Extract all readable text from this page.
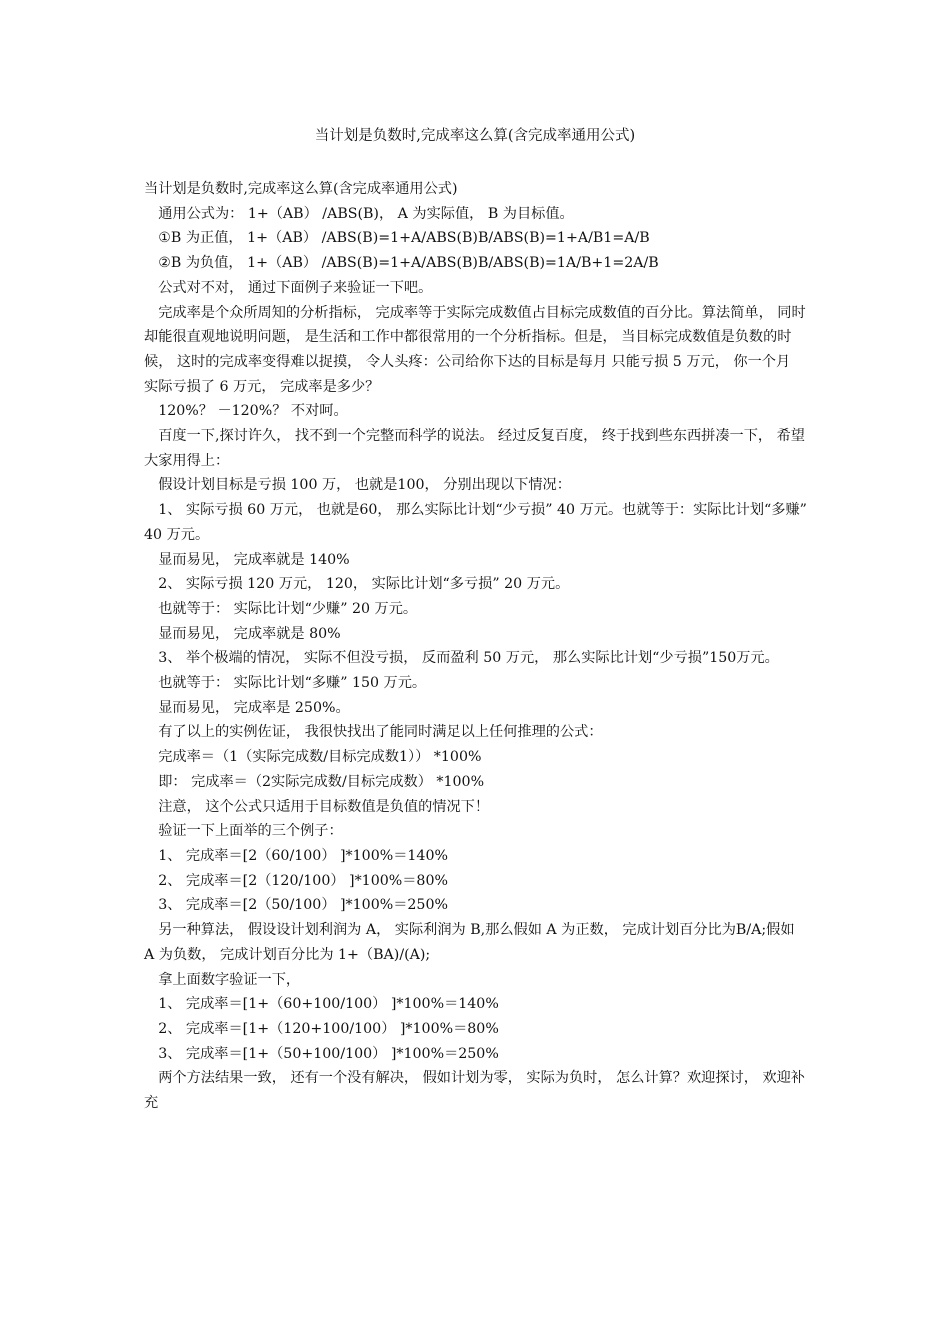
当计划是负数时,完成率这么算(含完成率通用公式)

当计划是负数时,完成率这么算(含完成率通用公式)

通用公式为： 1+（AB） /ABS(B)， A 为实际值， B 为目标值。

①B 为正值， 1+（AB） /ABS(B)=1+A/ABS(B)B/ABS(B)=1+A/B1=A/B

②B 为负值， 1+（AB） /ABS(B)=1+A/ABS(B)B/ABS(B)=1A/B+1=2A/B

公式对不对， 通过下面例子来验证一下吧。

完成率是个众所周知的分析指标， 完成率等于实际完成数值占目标完成数值的百分比。算法简单， 同时却能很直观地说明问题， 是生活和工作中都很常用的一个分析指标。但是， 当目标完成数值是负数的时候， 这时的完成率变得难以捉摸， 令人头疼：公司给你下达的目标是每月 只能亏损 5 万元， 你一个月 实际亏损了 6 万元， 完成率是多少？

120%？ －120%？ 不对呵。

百度一下,探讨许久， 找不到一个完整而科学的说法。 经过反复百度， 终于找到些东西拼凑一下， 希望大家用得上：

假设计划目标是亏损 100 万， 也就是100， 分别出现以下情况：

1、 实际亏损 60 万元， 也就是60， 那么实际比计划“少亏损” 40 万元。也就等于：实际比计划“多赚” 40 万元。

显而易见， 完成率就是 140%

2、 实际亏损 120 万元， 120， 实际比计划“多亏损” 20 万元。

也就等于： 实际比计划“少赚” 20 万元。

显而易见， 完成率就是 80%

3、 举个极端的情况， 实际不但没亏损， 反而盈利 50 万元， 那么实际比计划“少亏损”150万元。

也就等于： 实际比计划“多赚” 150 万元。

显而易见， 完成率是 250%。

有了以上的实例佐证， 我很快找出了能同时满足以上任何推理的公式：

完成率＝（1（实际完成数/目标完成数1）） *100%

即： 完成率＝（2实际完成数/目标完成数） *100%

注意， 这个公式只适用于目标数值是负值的情况下！

验证一下上面举的三个例子：

1、 完成率＝[2（60/100） ]*100%＝140%

2、 完成率＝[2（120/100） ]*100%＝80%

3、 完成率＝[2（50/100） ]*100%＝250%

另一种算法， 假设设计划利润为 A， 实际利润为 B,那么假如 A 为正数， 完成计划百分比为B/A;假如 A 为负数， 完成计划百分比为 1+（BA)/(A);

拿上面数字验证一下，

1、 完成率＝[1+（60+100/100） ]*100%＝140%

2、 完成率＝[1+（120+100/100） ]*100%＝80%

3、 完成率＝[1+（50+100/100） ]*100%＝250%

两个方法结果一致， 还有一个没有解决， 假如计划为零， 实际为负时， 怎么计算？欢迎探讨， 欢迎补充
